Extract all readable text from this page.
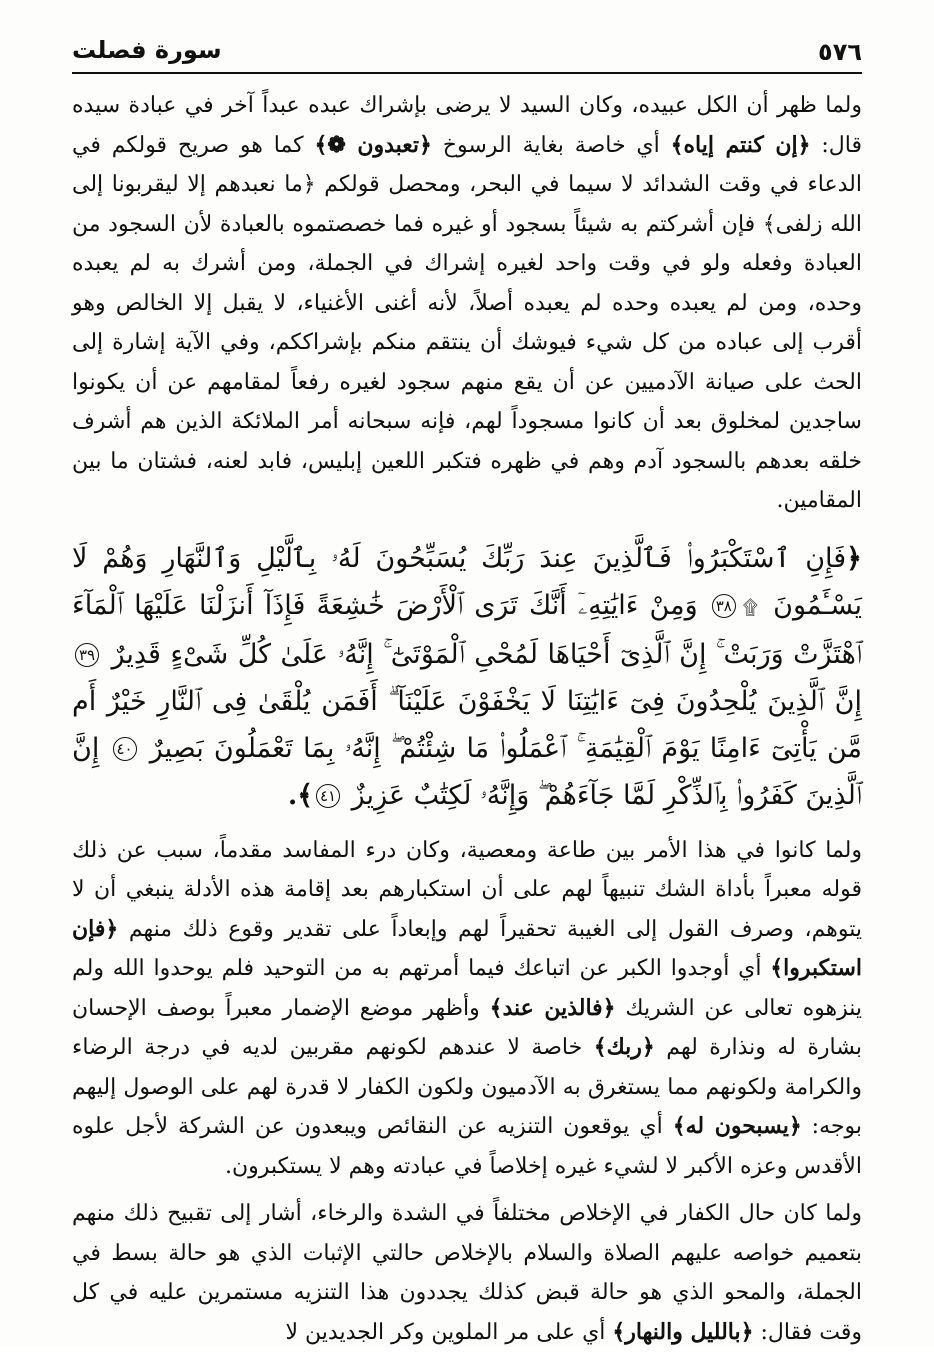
٥٧٦
سورة فصلت

ولما ظهر أن الكل عبيده، وكان السيد لا يرضى بإشراك عبده عبداً آخر في عبادة سيده قال: ﴿إن كنتم إياه﴾ أي خاصة بغاية الرسوخ ﴿تعبدون ❁﴾ كما هو صريح قولكم في الدعاء في وقت الشدائد لا سيما في البحر، ومحصل قولكم ﴿ما نعبدهم إلا ليقربونا إلى الله زلفى﴾ فإن أشركتم به شيئاً بسجود أو غيره فما خصصتموه بالعبادة لأن السجود من العبادة وفعله ولو في وقت واحد لغيره إشراك في الجملة، ومن أشرك به لم يعبده وحده، ومن لم يعبده وحده لم يعبده أصلاً، لأنه أغنى الأغنياء، لا يقبل إلا الخالص وهو أقرب إلى عباده من كل شيء فيوشك أن ينتقم منكم بإشراككم، وفي الآية إشارة إلى الحث على صيانة الآدميين عن أن يقع منهم سجود لغيره رفعاً لمقامهم عن أن يكونوا ساجدين لمخلوق بعد أن كانوا مسجوداً لهم، فإنه سبحانه أمر الملائكة الذين هم أشرف خلقه بعدهم بالسجود آدم وهم في ظهره فتكبر اللعين إبليس، فابد لعنه، فشتان ما بين المقامين.

﴿فَإِنِ ٱسْتَكْبَرُوا۟ فَٱلَّذِينَ عِندَ رَبِّكَ يُسَبِّحُونَ لَهُۥ بِٱلَّيْلِ وَٱلنَّهَارِ وَهُمْ لَا يَسْـَٔمُونَ ۩٣٨ وَمِنْ ءَايَٰتِهِۦٓ أَنَّكَ تَرَى ٱلْأَرْضَ خَٰشِعَةً فَإِذَآ أَنزَلْنَا عَلَيْهَا ٱلْمَآءَ ٱهْتَزَّتْ وَرَبَتْ ۚ إِنَّ ٱلَّذِىٓ أَحْيَاهَا لَمُحْىِ ٱلْمَوْتَىٰٓ ۚ إِنَّهُۥ عَلَىٰ كُلِّ شَىْءٍ قَدِيرٌ ٣٩ إِنَّ ٱلَّذِينَ يُلْحِدُونَ فِىٓ ءَايَٰتِنَا لَا يَخْفَوْنَ عَلَيْنَآ ۗ أَفَمَن يُلْقَىٰ فِى ٱلنَّارِ خَيْرٌ أَم مَّن يَأْتِىٓ ءَامِنًا يَوْمَ ٱلْقِيَٰمَةِ ۚ ٱعْمَلُوا۟ مَا شِئْتُمْ ۖ إِنَّهُۥ بِمَا تَعْمَلُونَ بَصِيرٌ ٤٠ إِنَّ ٱلَّذِينَ كَفَرُوا۟ بِٱلذِّكْرِ لَمَّا جَآءَهُمْ ۖ وَإِنَّهُۥ لَكِتَٰبٌ عَزِيزٌ ٤١﴾.

ولما كانوا في هذا الأمر بين طاعة ومعصية، وكان درء المفاسد مقدماً، سبب عن ذلك قوله معبراً بأداة الشك تنبيهاً لهم على أن استكبارهم بعد إقامة هذه الأدلة ينبغي أن لا يتوهم، وصرف القول إلى الغيبة تحقيراً لهم وإبعاداً على تقدير وقوع ذلك منهم ﴿فإن استكبروا﴾ أي أوجدوا الكبر عن اتباعك فيما أمرتهم به من التوحيد فلم يوحدوا الله ولم ينزهوه تعالى عن الشريك ﴿فالذين عند﴾ وأظهر موضع الإضمار معبراً بوصف الإحسان بشارة له ونذارة لهم ﴿ربك﴾ خاصة لا عندهم لكونهم مقربين لديه في درجة الرضاء والكرامة ولكونهم مما يستغرق به الآدميون ولكون الكفار لا قدرة لهم على الوصول إليهم بوجه: ﴿يسبحون له﴾ أي يوقعون التنزيه عن النقائص ويبعدون عن الشركة لأجل علوه الأقدس وعزه الأكبر لا لشيء غيره إخلاصاً في عبادته وهم لا يستكبرون.

ولما كان حال الكفار في الإخلاص مختلفاً في الشدة والرخاء، أشار إلى تقبيح ذلك منهم بتعميم خواصه عليهم الصلاة والسلام بالإخلاص حالتي الإثبات الذي هو حالة بسط في الجملة، والمحو الذي هو حالة قبض كذلك يجددون هذا التنزيه مستمرين عليه في كل وقت فقال: ﴿بالليل والنهار﴾ أي على مر الملوين وكر الجديدين لا
